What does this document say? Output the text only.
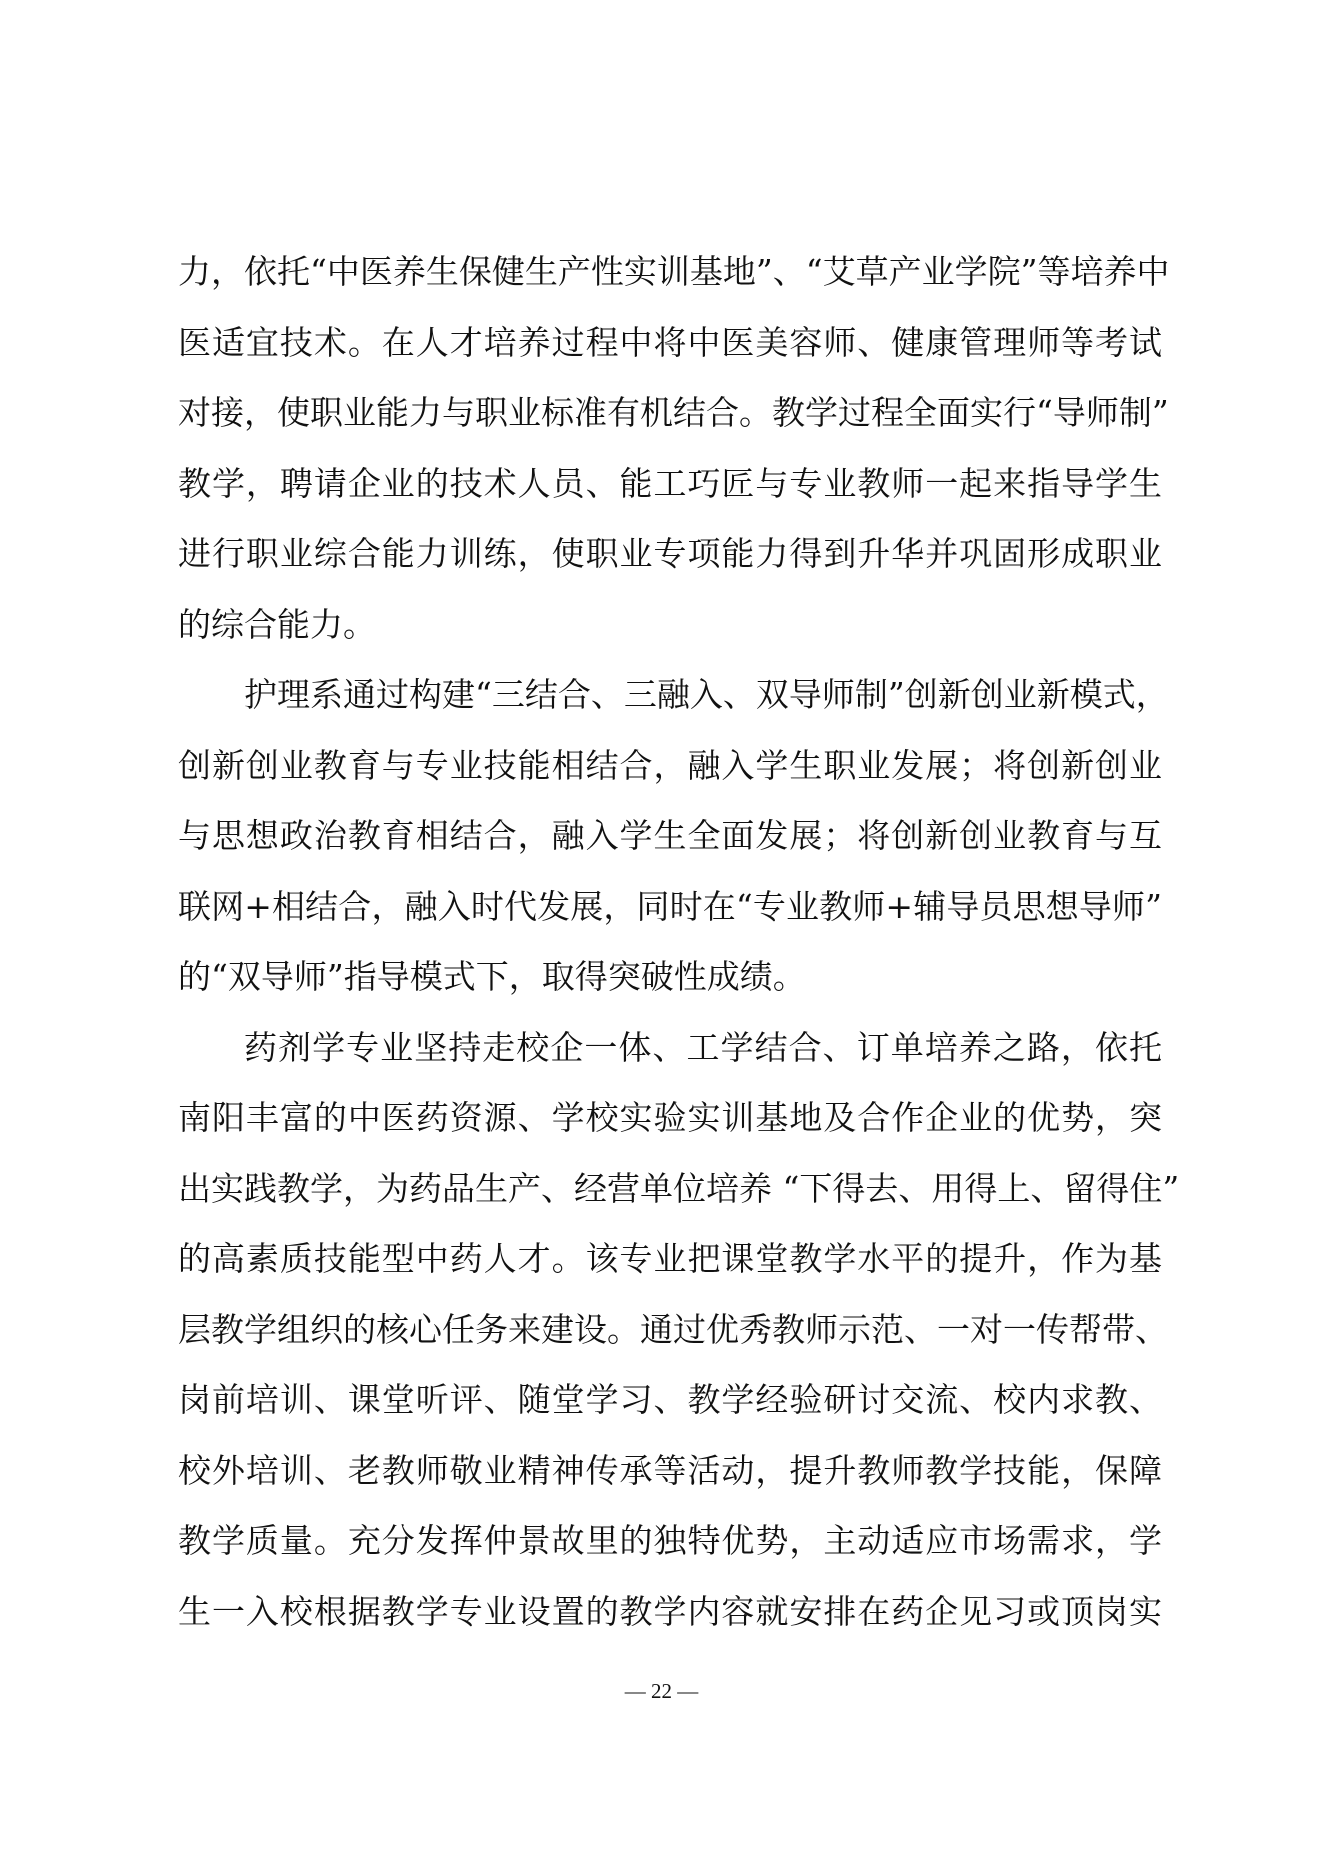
力，依托“中医养生保健生产性实训基地”、“艾草产业学院”等培养中
医适宜技术。在人才培养过程中将中医美容师、健康管理师等考试
对接，使职业能力与职业标准有机结合。教学过程全面实行“导师制”
教学，聘请企业的技术人员、能工巧匠与专业教师一起来指导学生
进行职业综合能力训练，使职业专项能力得到升华并巩固形成职业
的综合能力。
护理系通过构建“三结合、三融入、双导师制”创新创业新模式，
创新创业教育与专业技能相结合，融入学生职业发展；将创新创业
与思想政治教育相结合，融入学生全面发展；将创新创业教育与互
联网+相结合，融入时代发展，同时在“专业教师+辅导员思想导师”
的“双导师”指导模式下，取得突破性成绩。
药剂学专业坚持走校企一体、工学结合、订单培养之路，依托
南阳丰富的中医药资源、学校实验实训基地及合作企业的优势，突
出实践教学，为药品生产、经营单位培养 “下得去、用得上、留得住”
的高素质技能型中药人才。该专业把课堂教学水平的提升，作为基
层教学组织的核心任务来建设。通过优秀教师示范、一对一传帮带、
岗前培训、课堂听评、随堂学习、教学经验研讨交流、校内求教、
校外培训、老教师敬业精神传承等活动，提升教师教学技能，保障
教学质量。充分发挥仲景故里的独特优势，主动适应市场需求，学
生一入校根据教学专业设置的教学内容就安排在药企见习或顶岗实
— 22 —
